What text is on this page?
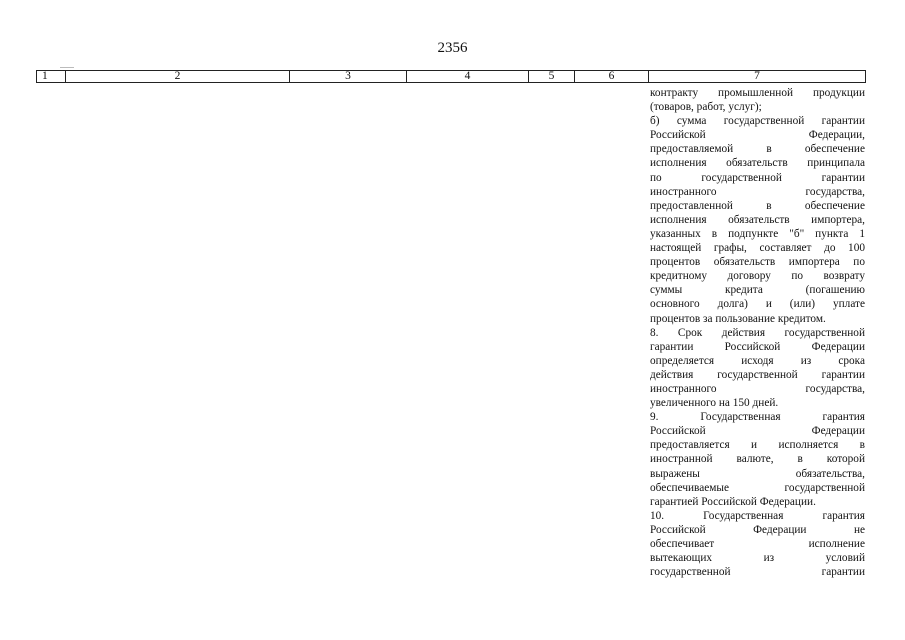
2356
1	2	3	4	5	6	7
контракту промышленной продукции
(товаров, работ, услуг);
б) сумма государственной гарантии
Российской Федерации,
предоставляемой в обеспечение
исполнения обязательств принципала
по государственной гарантии
иностранного государства,
предоставленной в обеспечение
исполнения обязательств импортера,
указанных в подпункте "б" пункта 1
настоящей графы, составляет до 100
процентов обязательств импортера по
кредитному договору по возврату
суммы кредита (погашению
основного долга) и (или) уплате
процентов за пользование кредитом.
8. Срок действия государственной
гарантии Российской Федерации
определяется исходя из срока
действия государственной гарантии
иностранного государства,
увеличенного на 150 дней.
9. Государственная гарантия
Российской Федерации
предоставляется и исполняется в
иностранной валюте, в которой
выражены обязательства,
обеспечиваемые государственной
гарантией Российской Федерации.
10. Государственная гарантия
Российской Федерации не
обеспечивает исполнение
вытекающих из условий
государственной гарантии
